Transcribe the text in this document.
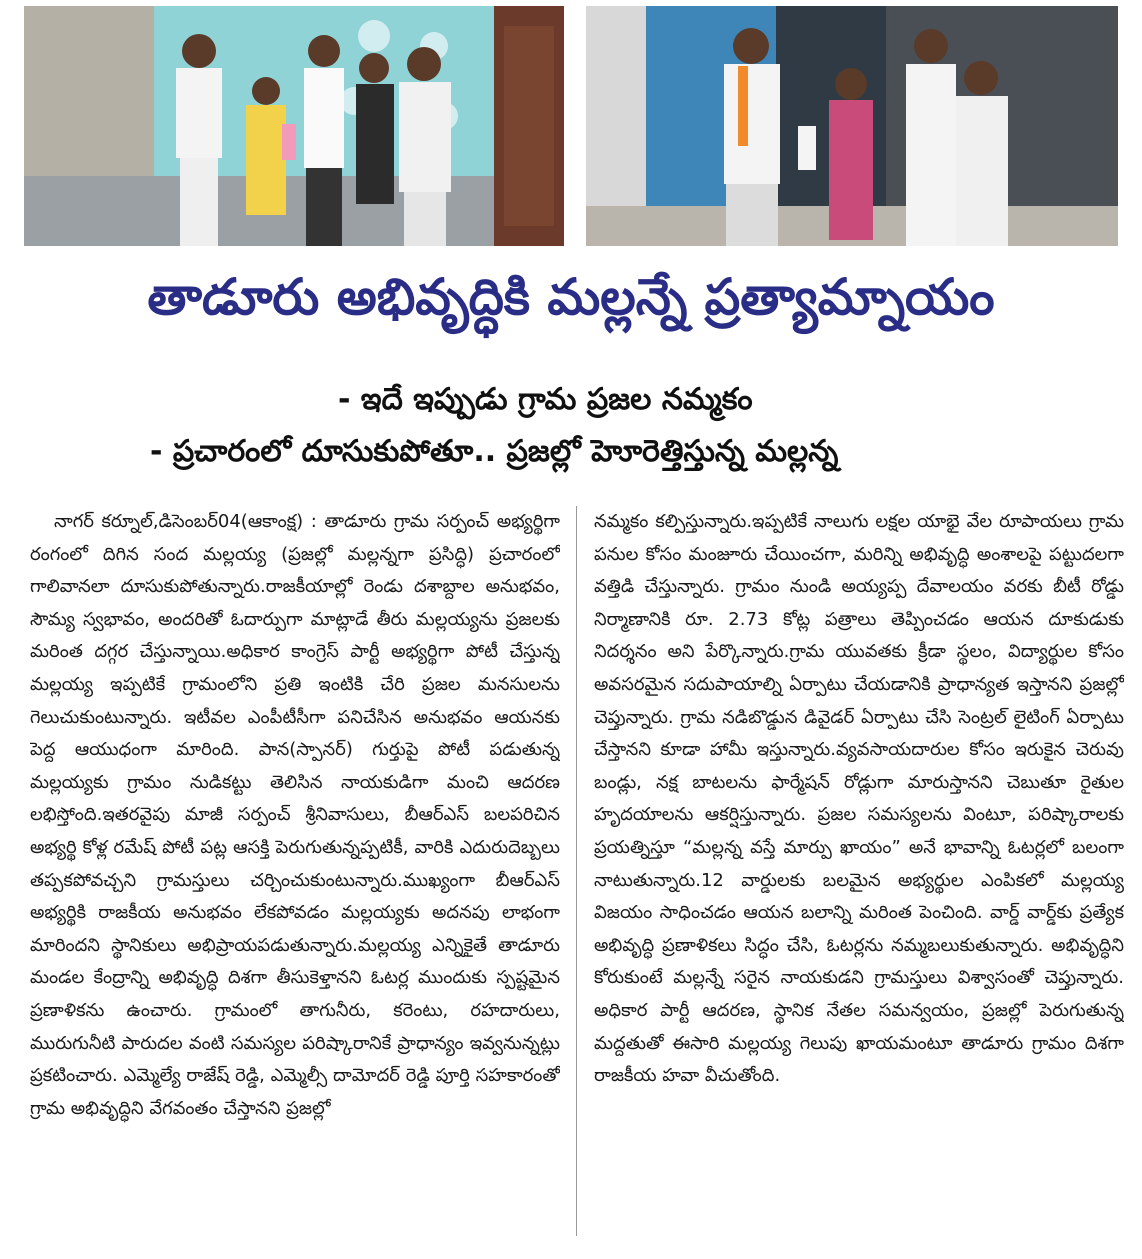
తాడూరు అభివృద్ధికి మల్లన్నే ప్రత్యామ్నాయం
- ఇదే ఇప్పుడు గ్రామ ప్రజల నమ్మకం
- ప్రచారంలో దూసుకుపోతూ.. ప్రజల్లో హెూరెత్తిస్తున్న మల్లన్న

నాగర్ కర్నూల్,డిసెంబర్04(ఆకాంక్ష) : తాడూరు గ్రామ సర్పంచ్ అభ్యర్థిగా రంగంలో దిగిన సంద మల్లయ్య (ప్రజల్లో మల్లన్నగా ప్రసిద్ధి) ప్రచారంలో గాలివానలా దూసుకుపోతున్నారు.రాజకీయాల్లో రెండు దశాబ్దాల అనుభవం, సౌమ్య స్వభావం, అందరితో ఓదార్పుగా మాట్లాడే తీరు మల్లయ్యను ప్రజలకు మరింత దగ్గర చేస్తున్నాయి.అధికార కాంగ్రెస్ పార్టీ అభ్యర్థిగా పోటీ చేస్తున్న మల్లయ్య ఇప్పటికే గ్రామంలోని ప్రతి ఇంటికి చేరి ప్రజల మనసులను గెలుచుకుంటున్నారు. ఇటీవల ఎంపీటీసీగా పనిచేసిన అనుభవం ఆయనకు పెద్ద ఆయుధంగా మారింది. పాన(స్పానర్) గుర్తుపై పోటీ పడుతున్న మల్లయ్యకు గ్రామం నుడికట్టు తెలిసిన నాయకుడిగా మంచి ఆదరణ లభిస్తోంది.ఇతరవైపు మాజీ సర్పంచ్ శ్రీనివాసులు, బీఆర్ఎస్ బలపరిచిన అభ్యర్థి కోళ్ల రమేష్ పోటీ పట్ల ఆసక్తి పెరుగుతున్నప్పటికీ, వారికి ఎదురుదెబ్బలు తప్పకపోవచ్చని గ్రామస్తులు చర్చించుకుంటున్నారు.ముఖ్యంగా బీఆర్ఎస్ అభ్యర్థికి రాజకీయ అనుభవం లేకపోవడం మల్లయ్యకు అదనపు లాభంగా మారిందని స్థానికులు అభిప్రాయపడుతున్నారు.మల్లయ్య ఎన్నికైతే తాడూరు మండల కేంద్రాన్ని అభివృద్ధి దిశగా తీసుకెళ్తానని ఓటర్ల ముందుకు స్పష్టమైన ప్రణాళికను ఉంచారు. గ్రామంలో తాగునీరు, కరెంటు, రహదారులు, మురుగునీటి పారుదల వంటి సమస్యల పరిష్కారానికే ప్రాధాన్యం ఇవ్వనున్నట్లు ప్రకటించారు. ఎమ్మెల్యే రాజేష్ రెడ్డి, ఎమ్మెల్సీ దామోదర్ రెడ్డి పూర్తి సహకారంతో గ్రామ అభివృద్ధిని వేగవంతం చేస్తానని ప్రజల్లో

నమ్మకం కల్పిస్తున్నారు.ఇప్పటికే నాలుగు లక్షల యాభై వేల రూపాయలు గ్రామ పనుల కోసం మంజూరు చేయించగా, మరిన్ని అభివృద్ధి అంశాలపై పట్టుదలగా వత్తిడి చేస్తున్నారు. గ్రామం నుండి అయ్యప్ప దేవాలయం వరకు బీటీ రోడ్డు నిర్మాణానికి రూ. 2.73 కోట్ల పత్రాలు తెప్పించడం ఆయన దూకుడుకు నిదర్శనం అని పేర్కొన్నారు.గ్రామ యువతకు క్రీడా స్థలం, విద్యార్థుల కోసం అవసరమైన సదుపాయాల్ని ఏర్పాటు చేయడానికి ప్రాధాన్యత ఇస్తానని ప్రజల్లో చెప్తున్నారు. గ్రామ నడిబొడ్డున డివైడర్ ఏర్పాటు చేసి సెంట్రల్ లైటింగ్ ఏర్పాటు చేస్తానని కూడా హామీ ఇస్తున్నారు.వ్యవసాయదారుల కోసం ఇరుకైన చెరువు బండ్లు, నక్ష బాటలను ఫార్మేషన్ రోడ్లుగా మారుస్తానని చెబుతూ రైతుల హృదయాలను ఆకర్షిస్తున్నారు. ప్రజల సమస్యలను వింటూ, పరిష్కారాలకు ప్రయత్నిస్తూ “మల్లన్న వస్తే మార్పు ఖాయం” అనే భావాన్ని ఓటర్లలో బలంగా నాటుతున్నారు.12 వార్డులకు బలమైన అభ్యర్థుల ఎంపికలో మల్లయ్య విజయం సాధించడం ఆయన బలాన్ని మరింత పెంచింది. వార్డ్ వార్డ్‌కు ప్రత్యేక అభివృద్ధి ప్రణాళికలు సిద్ధం చేసి, ఓటర్లను నమ్మబలుకుతున్నారు. అభివృద్ధిని కోరుకుంటే మల్లన్నే సరైన నాయకుడని గ్రామస్తులు విశ్వాసంతో చెప్తున్నారు. అధికార పార్టీ ఆదరణ, స్థానిక నేతల సమన్వయం, ప్రజల్లో పెరుగుతున్న మద్దతుతో ఈసారి మల్లయ్య గెలుపు ఖాయమంటూ తాడూరు గ్రామం దిశగా రాజకీయ హవా వీచుతోంది.
